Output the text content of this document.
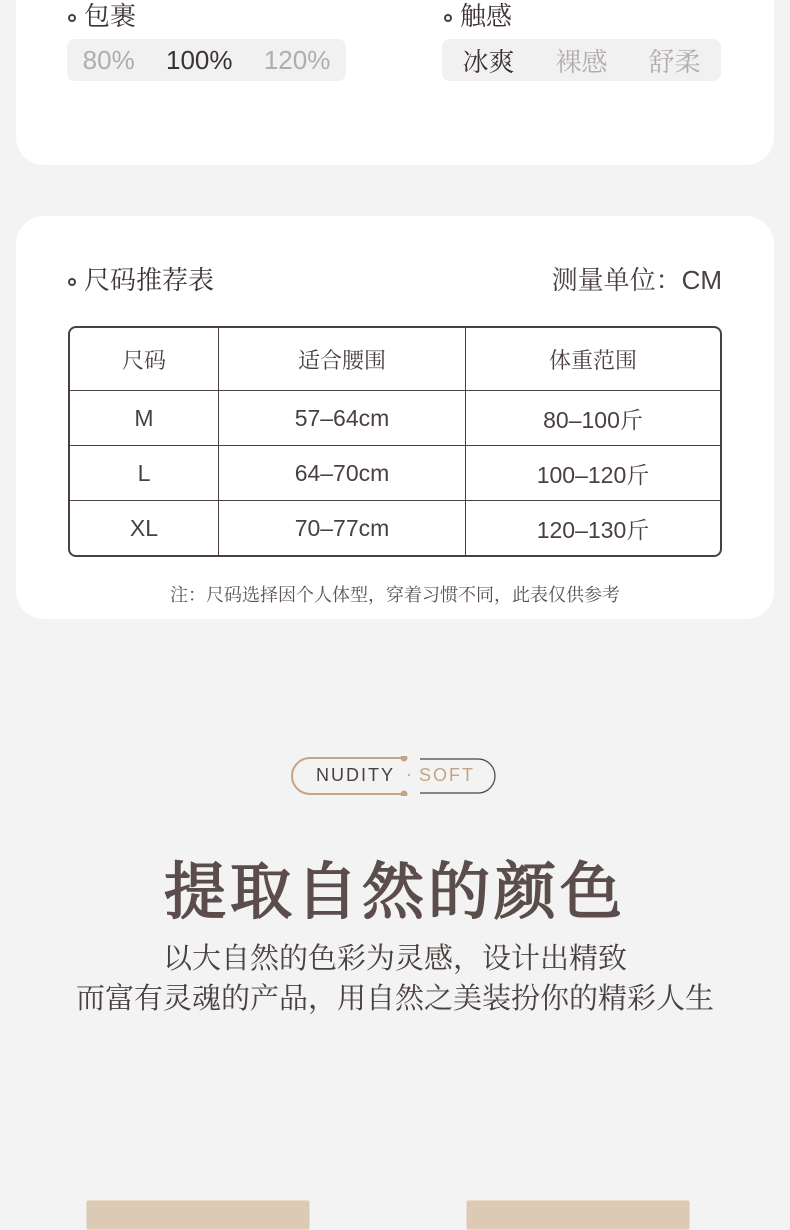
包裹
80% 100% 120%
触感
冰爽 裸感 舒柔
尺码推荐表	测量单位：CM
尺码	适合腰围	体重范围
M	57–64cm	80–100斤
L	64–70cm	100–120斤
XL	70–77cm	120–130斤
注：尺码选择因个人体型，穿着习惯不同，此表仅供参考
NUDITY · SOFT
提取自然的颜色
以大自然的色彩为灵感，设计出精致
而富有灵魂的产品，用自然之美装扮你的精彩人生
